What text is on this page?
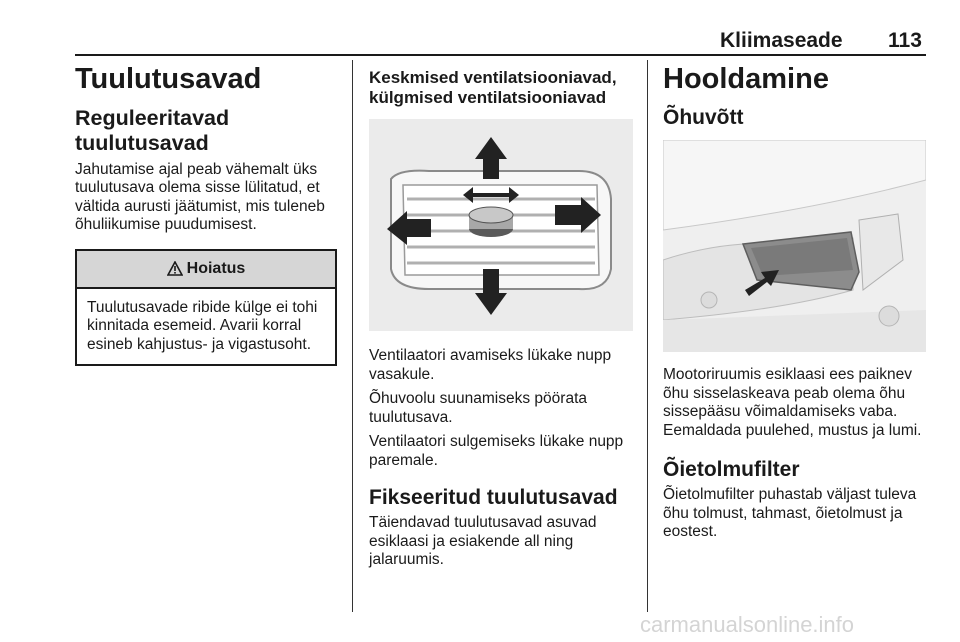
Kliimaseade 113
Tuulutusavad
Reguleeritavad
tuulutusavad
Jahutamise ajal peab vähemalt üks
tuulutusava olema sisse lülitatud, et
vältida aurusti jäätumist, mis tuleneb
õhuliikumise puudumisest.
Hoiatus
Tuulutusavade ribide külge ei tohi
kinnitada esemeid. Avarii korral
esineb kahjustus- ja vigastusoht.
Keskmised ventilatsiooniavad,
külgmised ventilatsiooniavad
Ventilaatori avamiseks lükake nupp
vasakule.
Õhuvoolu suunamiseks pöörata
tuulutusava.
Ventilaatori sulgemiseks lükake nupp
paremale.
Fikseeritud tuulutusavad
Täiendavad tuulutusavad asuvad
esiklaasi ja esiakende all ning
jalaruumis.
Hooldamine
Õhuvõtt
Mootoriruumis esiklaasi ees paiknev
õhu sisselaskeava peab olema õhu
sissepääsu võimaldamiseks vaba.
Eemaldada puulehed, mustus ja lumi.
Õietolmufilter
Õietolmufilter puhastab väljast tuleva
õhu tolmust, tahmast, õietolmust ja
eostest.
carmanualsonline.info
